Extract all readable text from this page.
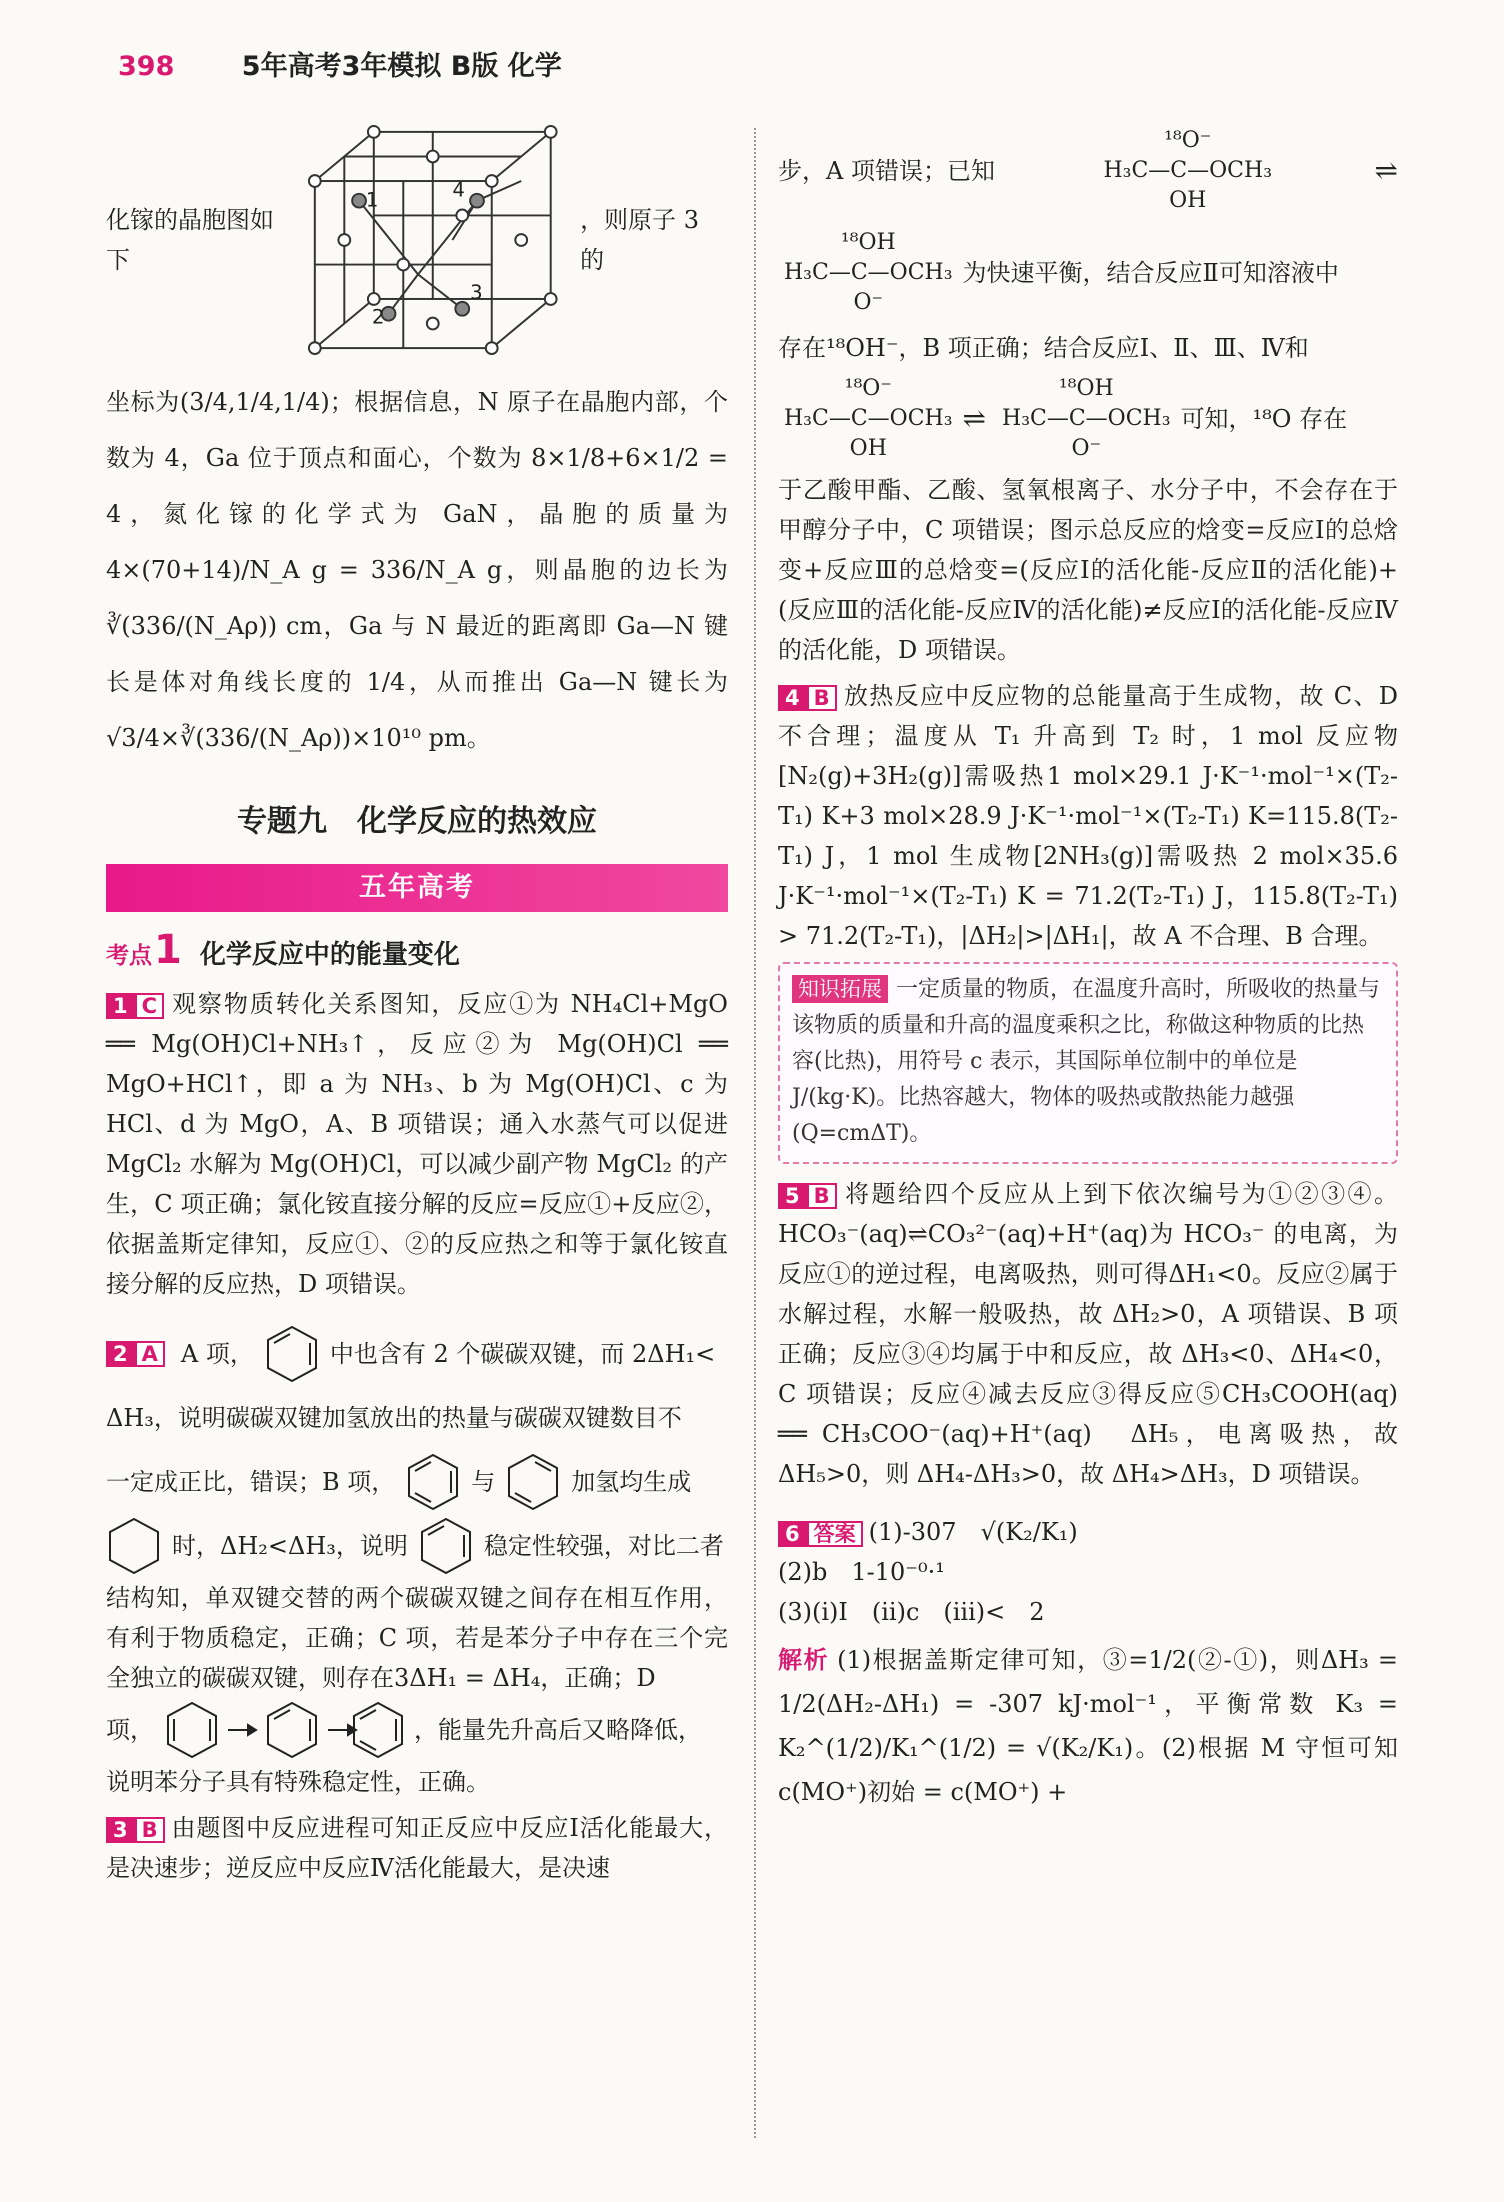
398 5年高考3年模拟 B版 化学
化镓的晶胞图如下
1	4
2
3
，则原子 3 的

坐标为(3/4,1/4,1/4)；根据信息，N 原子在晶胞内部，个数为 4，Ga 位于顶点和面心，个数为 8×1/8+6×1/2 = 4，氮化镓的化学式为 GaN，晶胞的质量为 4×(70+14)/N_A g = 336/N_A g，则晶胞的边长为 ∛(336/(N_Aρ)) cm，Ga 与 N 最近的距离即 Ga—N 键长是体对角线长度的 1/4，从而推出 Ga—N 键长为 √3/4×∛(336/(N_Aρ))×10¹⁰ pm。

专题九　化学反应的热效应
五年高考
考点1 化学反应中的能量变化

1 C 观察物质转化关系图知，反应①为 NH₄Cl+MgO ══ Mg(OH)Cl+NH₃↑，反应②为 Mg(OH)Cl ══ MgO+HCl↑，即 a 为 NH₃、b 为 Mg(OH)Cl、c 为 HCl、d 为 MgO，A、B 项错误；通入水蒸气可以促进 MgCl₂ 水解为 Mg(OH)Cl，可以减少副产物 MgCl₂ 的产生，C 项正确；氯化铵直接分解的反应=反应①+反应②，依据盖斯定律知，反应①、②的反应热之和等于氯化铵直接分解的反应热，D 项错误。

2 A A 项，	中也含有 2 个碳碳双键，而 2ΔH₁<

ΔH₃，说明碳碳双键加氢放出的热量与碳碳双键数目不

一定成正比，错误；B 项，	与	加氢均生成
时，ΔH₂<ΔH₃，说明	稳定性较强，对比二者

结构知，单双键交替的两个碳碳双键之间存在相互作用，有利于物质稳定，正确；C 项，若是苯分子中存在三个完全独立的碳碳双键，则存在3ΔH₁ = ΔH₄，正确；D

项，	，能量先升高后又略降低，

说明苯分子具有特殊稳定性，正确。

3 B 由题图中反应进程可知正反应中反应Ⅰ活化能最大，是决速步；逆反应中反应Ⅳ活化能最大，是决速

步，A 项错误；已知
¹⁸O⁻
H₃C—C—OCH₃
OH
⇌
¹⁸OH
H₃C—C—OCH₃
O⁻
为快速平衡，结合反应Ⅱ可知溶液中

存在¹⁸OH⁻，B 项正确；结合反应Ⅰ、Ⅱ、Ⅲ、Ⅳ和

¹⁸O⁻
H₃C—C—OCH₃
OH
⇌
¹⁸OH
H₃C—C—OCH₃
O⁻
可知，¹⁸O 存在

于乙酸甲酯、乙酸、氢氧根离子、水分子中，不会存在于甲醇分子中，C 项错误；图示总反应的焓变=反应Ⅰ的总焓变+反应Ⅲ的总焓变=(反应Ⅰ的活化能-反应Ⅱ的活化能)+(反应Ⅲ的活化能-反应Ⅳ的活化能)≠反应Ⅰ的活化能-反应Ⅳ的活化能，D 项错误。

4 B 放热反应中反应物的总能量高于生成物，故 C、D 不合理；温度从 T₁ 升高到 T₂ 时，1 mol 反应物[N₂(g)+3H₂(g)]需吸热1 mol×29.1 J·K⁻¹·mol⁻¹×(T₂-T₁) K+3 mol×28.9 J·K⁻¹·mol⁻¹×(T₂-T₁) K=115.8(T₂-T₁) J，1 mol 生成物[2NH₃(g)]需吸热 2 mol×35.6 J·K⁻¹·mol⁻¹×(T₂-T₁) K = 71.2(T₂-T₁) J，115.8(T₂-T₁) > 71.2(T₂-T₁)，|ΔH₂|>|ΔH₁|，故 A 不合理、B 合理。

知识拓展 一定质量的物质，在温度升高时，所吸收的热量与该物质的质量和升高的温度乘积之比，称做这种物质的比热容(比热)，用符号 c 表示，其国际单位制中的单位是 J/(kg·K)。比热容越大，物体的吸热或散热能力越强(Q=cmΔT)。

5 B 将题给四个反应从上到下依次编号为①②③④。HCO₃⁻(aq)⇌CO₃²⁻(aq)+H⁺(aq)为 HCO₃⁻ 的电离，为反应①的逆过程，电离吸热，则可得ΔH₁<0。反应②属于水解过程，水解一般吸热，故 ΔH₂>0，A 项错误、B 项正确；反应③④均属于中和反应，故 ΔH₃<0、ΔH₄<0，C 项错误；反应④减去反应③得反应⑤CH₃COOH(aq) ══ CH₃COO⁻(aq)+H⁺(aq)　ΔH₅，电离吸热，故 ΔH₅>0，则 ΔH₄-ΔH₃>0，故 ΔH₄>ΔH₃，D 项错误。

6 答案 (1)-307　√(K₂/K₁)

(2)b　1-10⁻⁰·¹

(3)(ⅰ)Ⅰ　(ⅱ)c　(ⅲ)<　2

解析 (1)根据盖斯定律可知，③=1/2(②-①)，则ΔH₃ = 1/2(ΔH₂-ΔH₁) = -307 kJ·mol⁻¹，平衡常数 K₃ = K₂^(1/2)/K₁^(1/2) = √(K₂/K₁)。(2)根据 M 守恒可知 c(MO⁺)初始 = c(MO⁺) +
